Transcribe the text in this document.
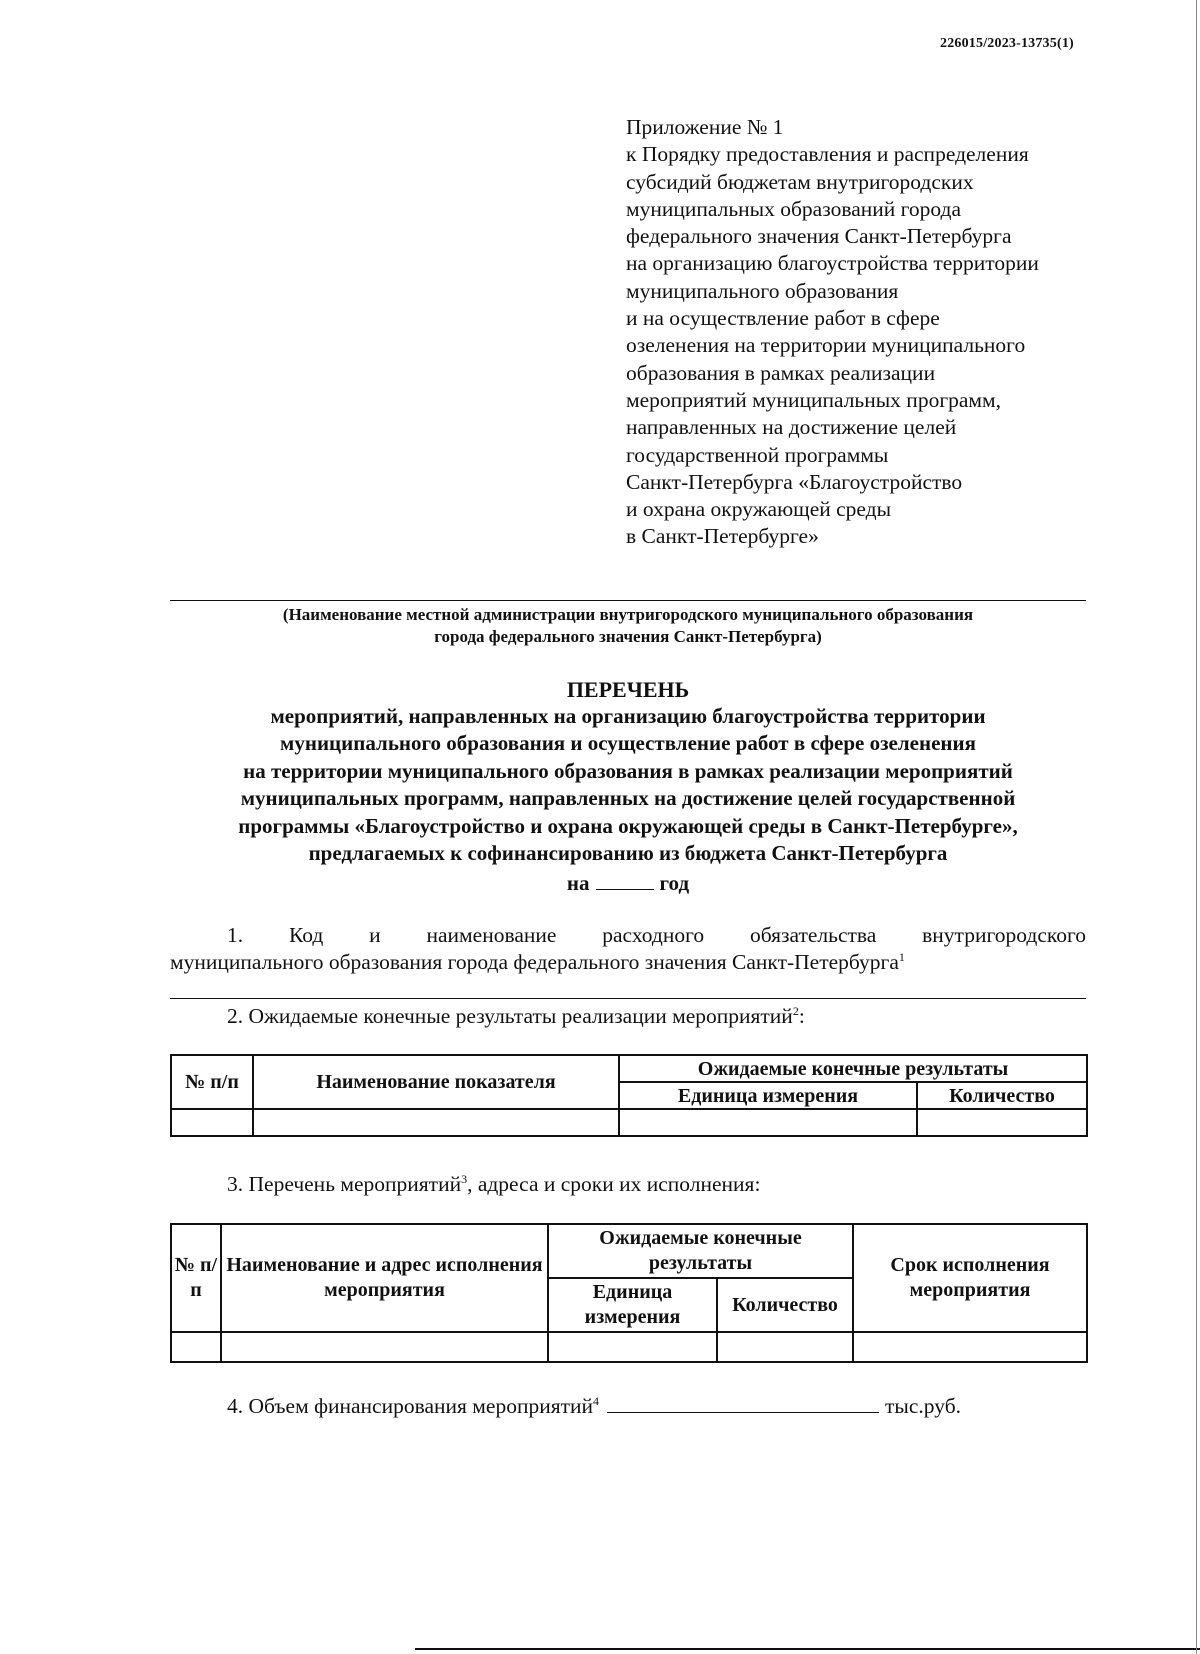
226015/2023-13735(1)
Приложение № 1
к Порядку предоставления и распределения
субсидий бюджетам внутригородских
муниципальных образований города
федерального значения Санкт-Петербурга
на организацию благоустройства территории
муниципального образования
и на осуществление работ в сфере
озеленения на территории муниципального
образования в рамках реализации
мероприятий муниципальных программ,
направленных на достижение целей
государственной программы
Санкт-Петербурга «Благоустройство
и охрана окружающей среды
в Санкт-Петербурге»
(Наименование местной администрации внутригородского муниципального образования
города федерального значения Санкт-Петербурга)
ПЕРЕЧЕНЬ
мероприятий, направленных на организацию благоустройства территории
муниципального образования и осуществление работ в сфере озеленения
на территории муниципального образования в рамках реализации мероприятий
муниципальных программ, направленных на достижение целей государственной
программы «Благоустройство и охрана окружающей среды в Санкт-Петербурге»,
предлагаемых к софинансированию из бюджета Санкт-Петербурга
на	год
1. Код и наименование расходного обязательства внутригородского
муниципального образования города федерального значения Санкт-Петербурга$^1$
2. Ожидаемые конечные результаты реализации мероприятий$^2$:
№ п/п	Наименование показателя	Ожидаемые конечные результаты	
		Единица измерения	Количество

3. Перечень мероприятий$^3$, адреса и сроки их исполнения:
№ п/п	Наименование и адрес исполнения мероприятия	Ожидаемые конечные результаты		Срок исполнения мероприятия
		Единица измерения	Количество	

4. Объем финансирования мероприятий$^4$	тыс.руб.
